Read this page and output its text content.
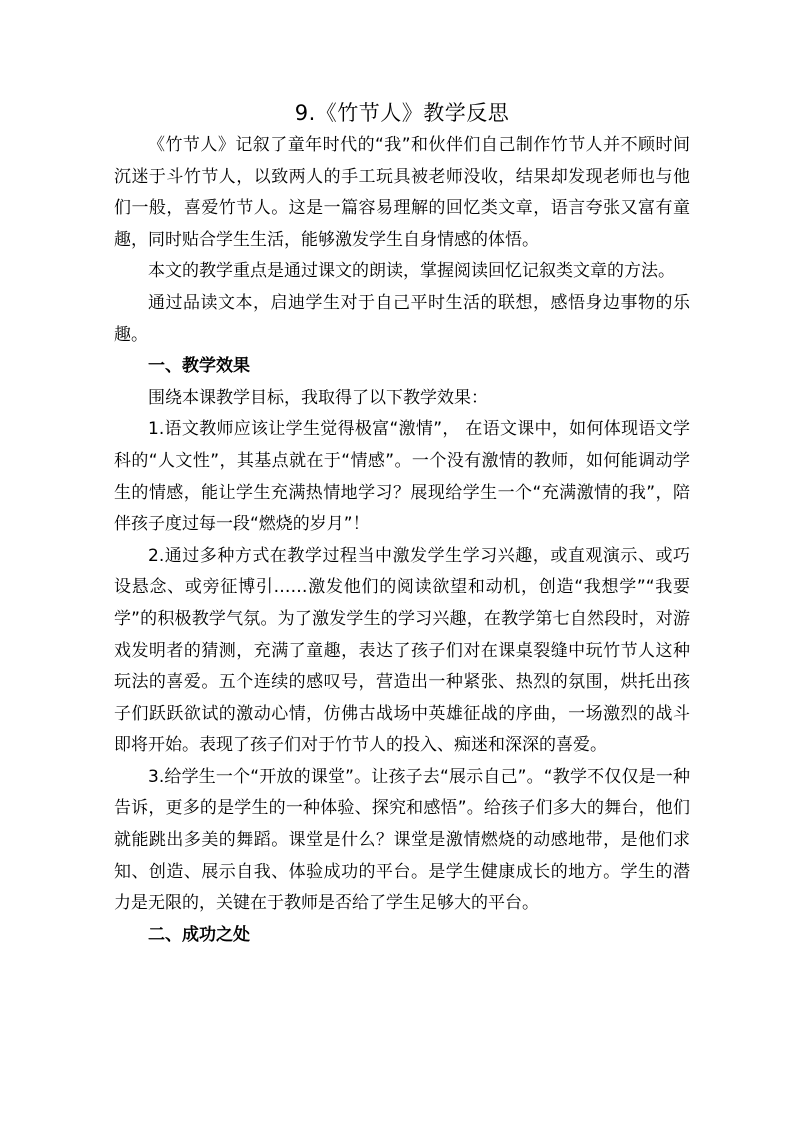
9.《竹节人》教学反思

《竹节人》记叙了童年时代的“我”和伙伴们自己制作竹节人并不顾时间沉迷于斗竹节人，以致两人的手工玩具被老师没收，结果却发现老师也与他们一般，喜爱竹节人。这是一篇容易理解的回忆类文章，语言夸张又富有童趣，同时贴合学生生活，能够激发学生自身情感的体悟。

本文的教学重点是通过课文的朗读，掌握阅读回忆记叙类文章的方法。

通过品读文本，启迪学生对于自己平时生活的联想，感悟身边事物的乐趣。

一、教学效果

围绕本课教学目标，我取得了以下教学效果：

1.语文教师应该让学生觉得极富“激情”， 在语文课中，如何体现语文学科的“人文性”，其基点就在于“情感”。一个没有激情的教师，如何能调动学生的情感，能让学生充满热情地学习？展现给学生一个“充满激情的我”，陪伴孩子度过每一段“燃烧的岁月”！

2.通过多种方式在教学过程当中激发学生学习兴趣，或直观演示、或巧设悬念、或旁征博引……激发他们的阅读欲望和动机，创造“我想学”“我要学”的积极教学气氛。为了激发学生的学习兴趣，在教学第七自然段时，对游戏发明者的猜测，充满了童趣，表达了孩子们对在课桌裂缝中玩竹节人这种玩法的喜爱。五个连续的感叹号，营造出一种紧张、热烈的氛围，烘托出孩子们跃跃欲试的激动心情，仿佛古战场中英雄征战的序曲，一场激烈的战斗即将开始。表现了孩子们对于竹节人的投入、痴迷和深深的喜爱。

3.给学生一个“开放的课堂”。让孩子去“展示自己”。“教学不仅仅是一种告诉，更多的是学生的一种体验、探究和感悟”。给孩子们多大的舞台，他们就能跳出多美的舞蹈。课堂是什么？课堂是激情燃烧的动感地带，是他们求知、创造、展示自我、体验成功的平台。是学生健康成长的地方。学生的潜力是无限的，关键在于教师是否给了学生足够大的平台。

二、成功之处
